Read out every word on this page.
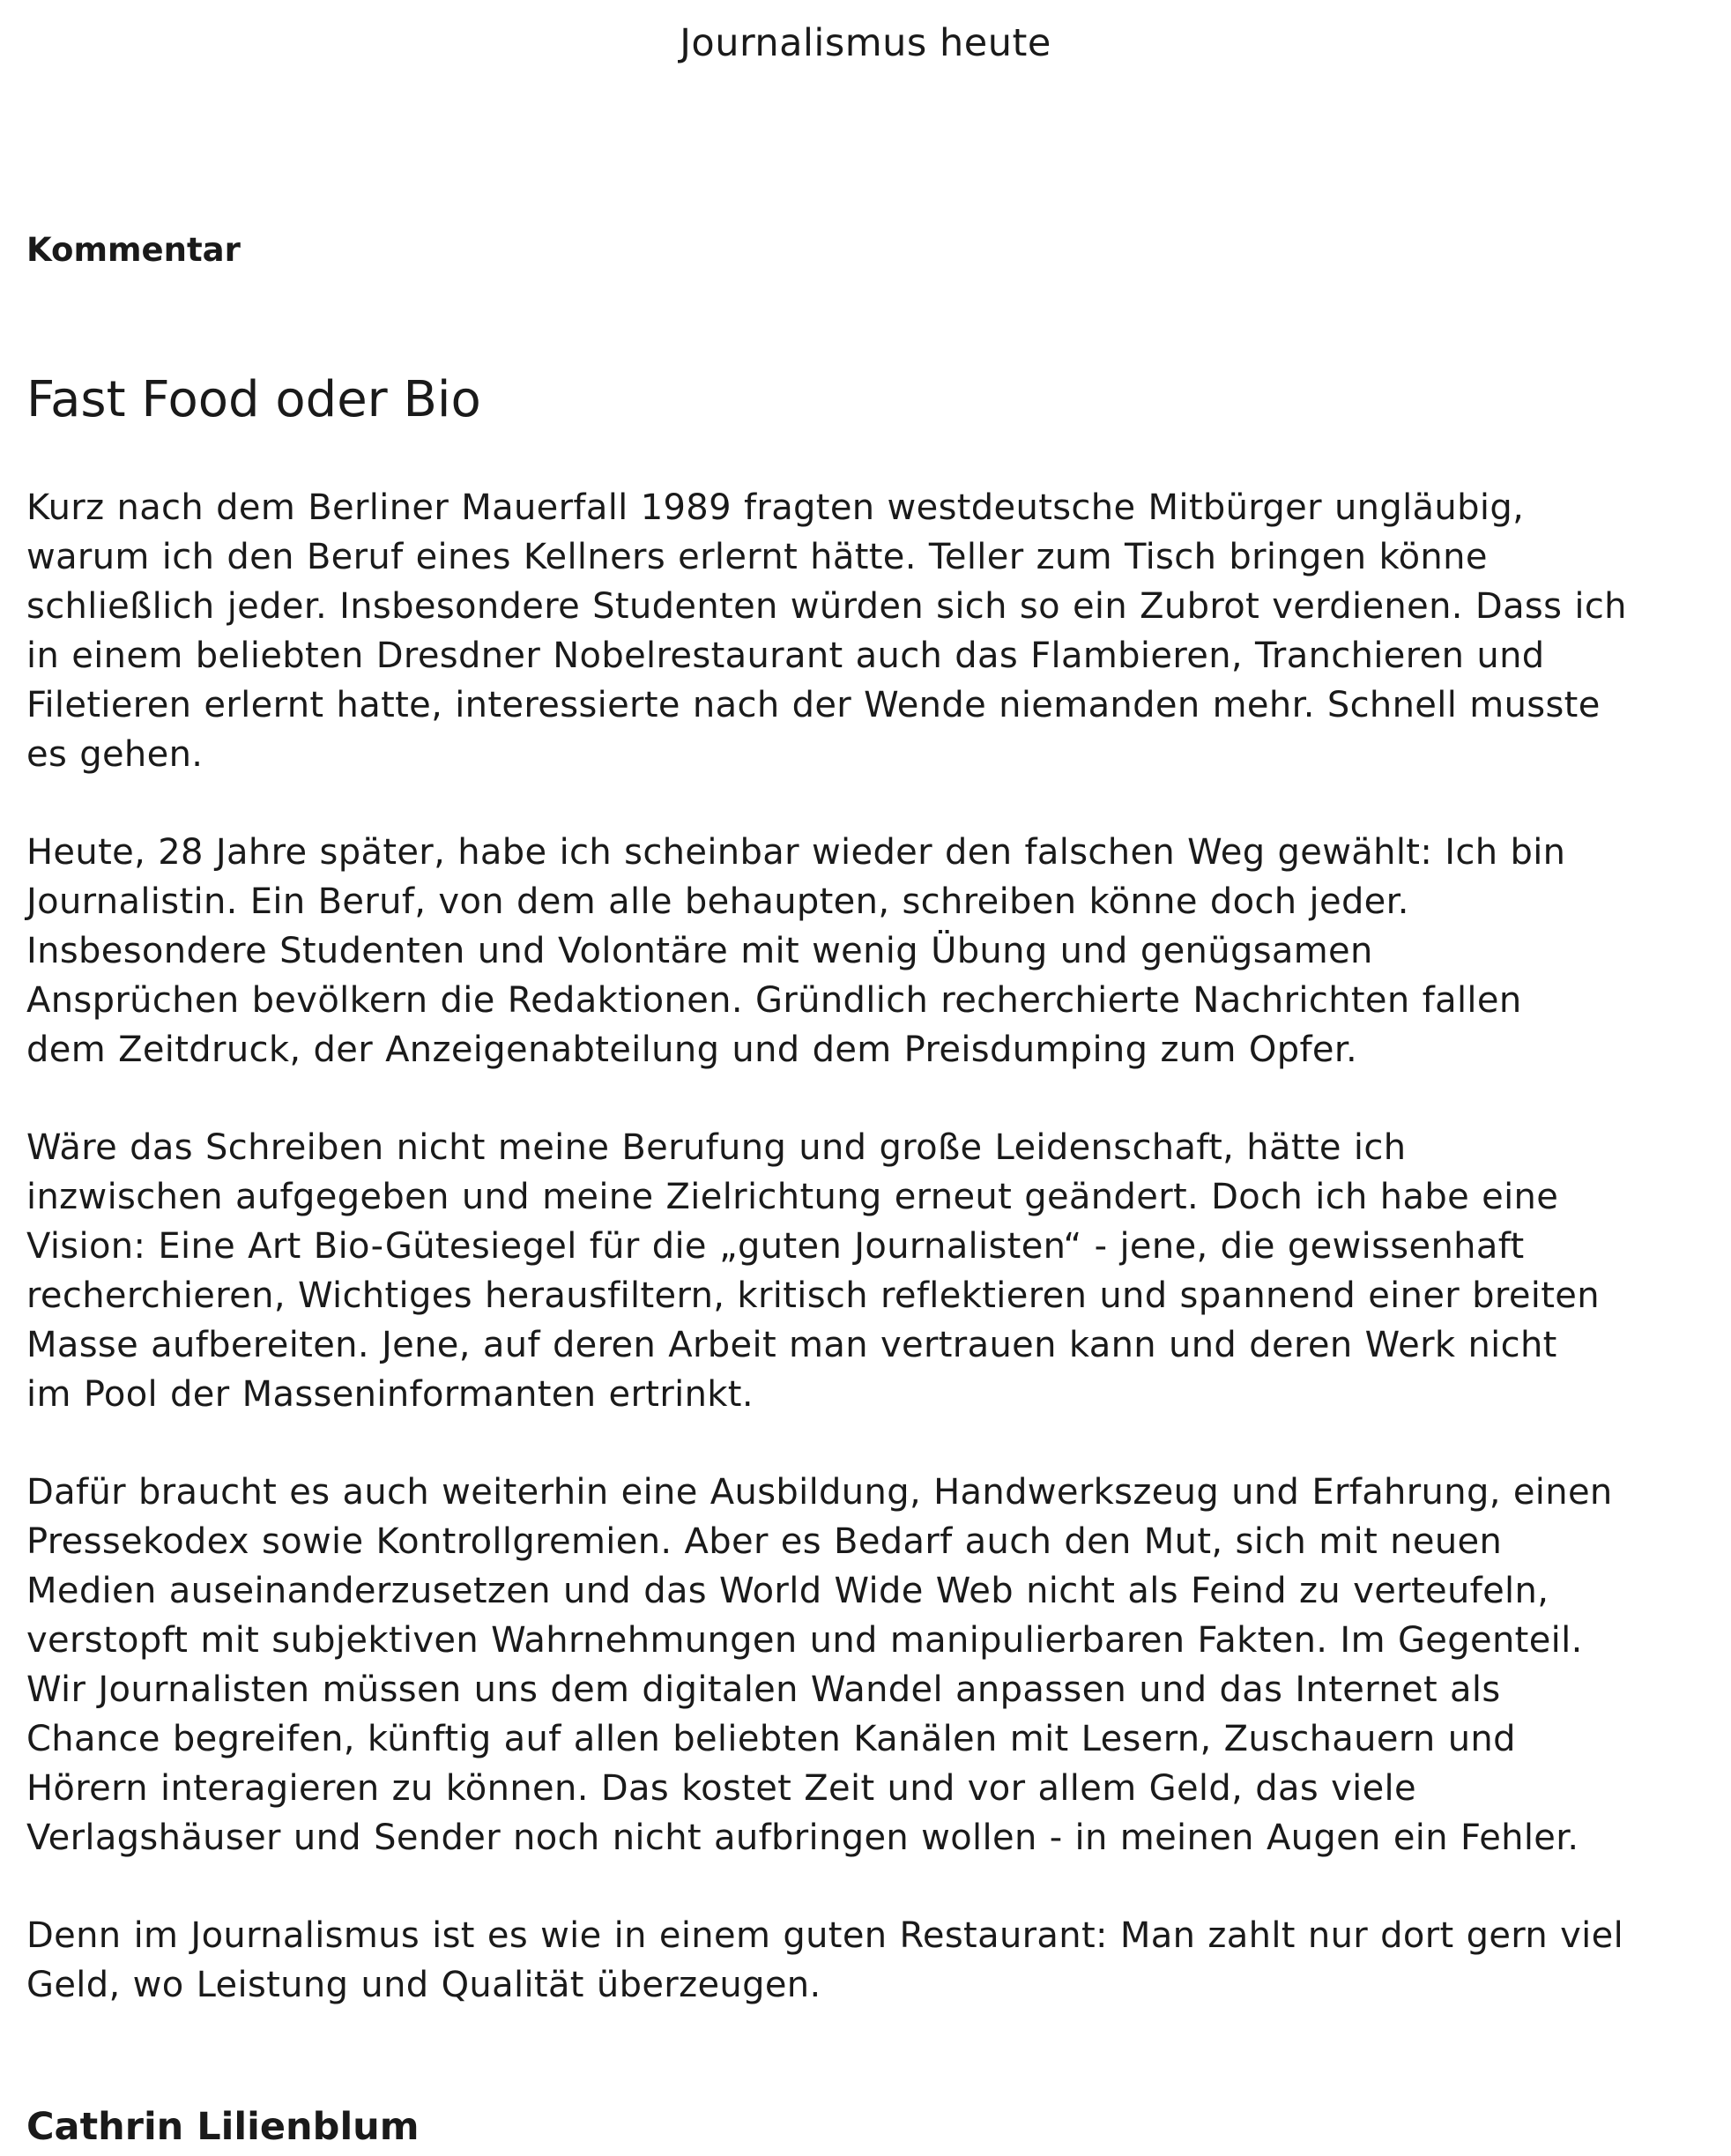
Journalismus heute
Kommentar
Fast Food oder Bio

Kurz nach dem Berliner Mauerfall 1989 fragten westdeutsche Mitbürger ungläubig,
warum ich den Beruf eines Kellners erlernt hätte. Teller zum Tisch bringen könne
schließlich jeder. Insbesondere Studenten würden sich so ein Zubrot verdienen. Dass ich
in einem beliebten Dresdner Nobelrestaurant auch das Flambieren, Tranchieren und
Filetieren erlernt hatte, interessierte nach der Wende niemanden mehr. Schnell musste
es gehen.

Heute, 28 Jahre später, habe ich scheinbar wieder den falschen Weg gewählt: Ich bin
Journalistin. Ein Beruf, von dem alle behaupten, schreiben könne doch jeder.
Insbesondere Studenten und Volontäre mit wenig Übung und genügsamen
Ansprüchen bevölkern die Redaktionen. Gründlich recherchierte Nachrichten fallen
dem Zeitdruck, der Anzeigenabteilung und dem Preisdumping zum Opfer.

Wäre das Schreiben nicht meine Berufung und große Leidenschaft, hätte ich
inzwischen aufgegeben und meine Zielrichtung erneut geändert. Doch ich habe eine
Vision: Eine Art Bio-Gütesiegel für die „guten Journalisten“ - jene, die gewissenhaft
recherchieren, Wichtiges herausfiltern, kritisch reflektieren und spannend einer breiten
Masse aufbereiten. Jene, auf deren Arbeit man vertrauen kann und deren Werk nicht
im Pool der Masseninformanten ertrinkt.

Dafür braucht es auch weiterhin eine Ausbildung, Handwerkszeug und Erfahrung, einen
Pressekodex sowie Kontrollgremien. Aber es Bedarf auch den Mut, sich mit neuen
Medien auseinanderzusetzen und das World Wide Web nicht als Feind zu verteufeln,
verstopft mit subjektiven Wahrnehmungen und manipulierbaren Fakten. Im Gegenteil.
Wir Journalisten müssen uns dem digitalen Wandel anpassen und das Internet als
Chance begreifen, künftig auf allen beliebten Kanälen mit Lesern, Zuschauern und
Hörern interagieren zu können. Das kostet Zeit und vor allem Geld, das viele
Verlagshäuser und Sender noch nicht aufbringen wollen - in meinen Augen ein Fehler.

Denn im Journalismus ist es wie in einem guten Restaurant: Man zahlt nur dort gern viel
Geld, wo Leistung und Qualität überzeugen.

Cathrin Lilienblum
